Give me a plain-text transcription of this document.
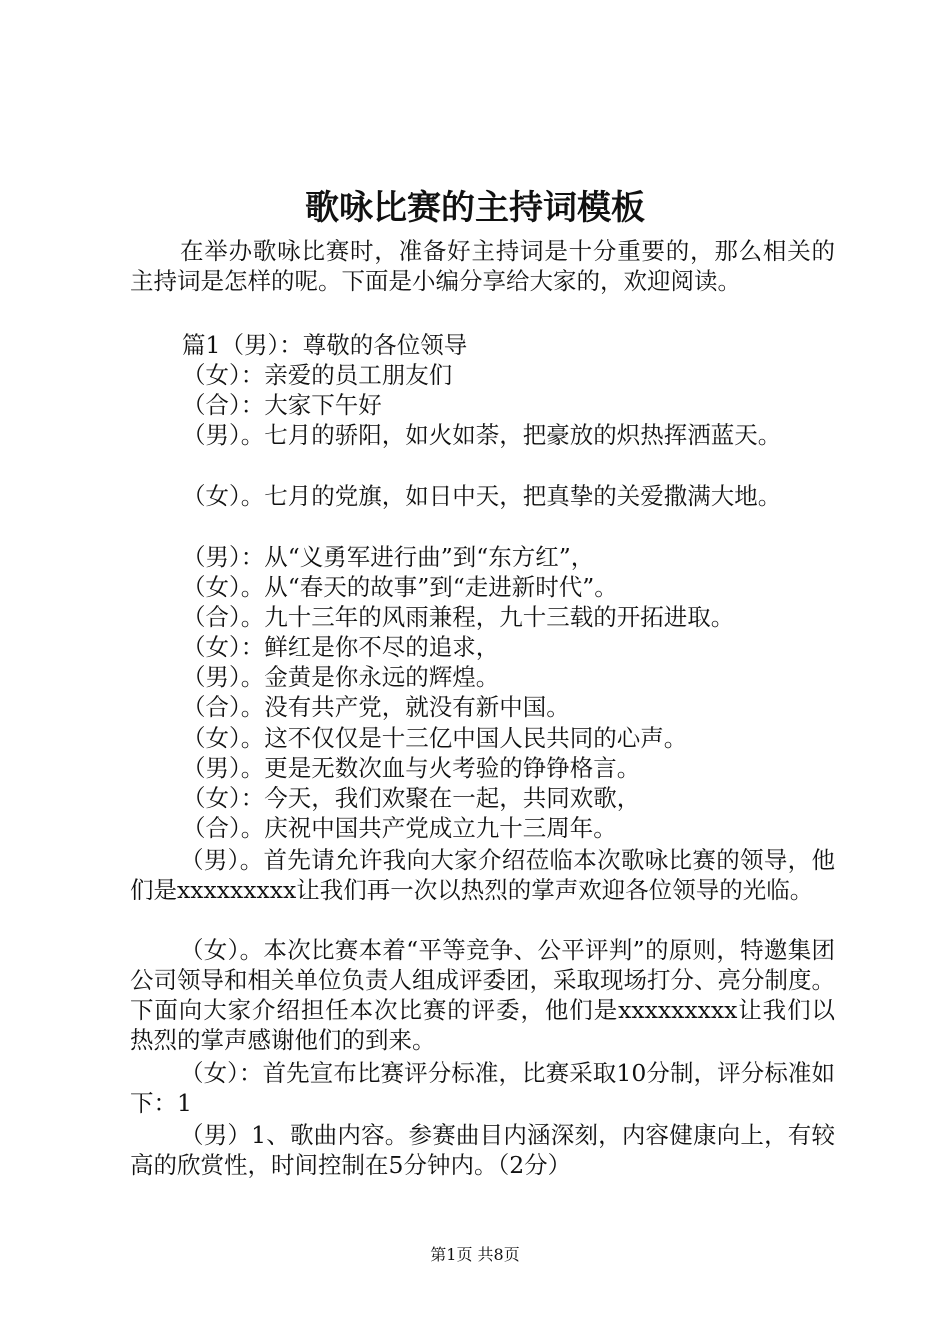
歌咏比赛的主持词模板

在举办歌咏比赛时，准备好主持词是十分重要的，那么相关的主持词是怎样的呢。下面是小编分享给大家的，欢迎阅读。

篇1（男）：尊敬的各位领导

（女）：亲爱的员工朋友们

（合）：大家下午好

（男）。七月的骄阳，如火如荼，把豪放的炽热挥洒蓝天。

（女）。七月的党旗，如日中天，把真挚的关爱撒满大地。

（男）：从“义勇军进行曲”到“东方红”，

（女）。从“春天的故事”到“走进新时代”。

（合）。九十三年的风雨兼程，九十三载的开拓进取。

（女）：鲜红是你不尽的追求，

（男）。金黄是你永远的辉煌。

（合）。没有共产党，就没有新中国。

（女）。这不仅仅是十三亿中国人民共同的心声。

（男）。更是无数次血与火考验的铮铮格言。

（女）：今天，我们欢聚在一起，共同欢歌，

（合）。庆祝中国共产党成立九十三周年。

（男）。首先请允许我向大家介绍莅临本次歌咏比赛的领导，他们是xxxxxxxxx让我们再一次以热烈的掌声欢迎各位领导的光临。

（女）。本次比赛本着“平等竞争、公平评判”的原则，特邀集团公司领导和相关单位负责人组成评委团，采取现场打分、亮分制度。下面向大家介绍担任本次比赛的评委，他们是xxxxxxxxx让我们以热烈的掌声感谢他们的到来。

（女）：首先宣布比赛评分标准，比赛采取10分制，评分标准如下：1

（男）1、歌曲内容。参赛曲目内涵深刻，内容健康向上，有较高的欣赏性，时间控制在5分钟内。（2分）

第1页 共8页
